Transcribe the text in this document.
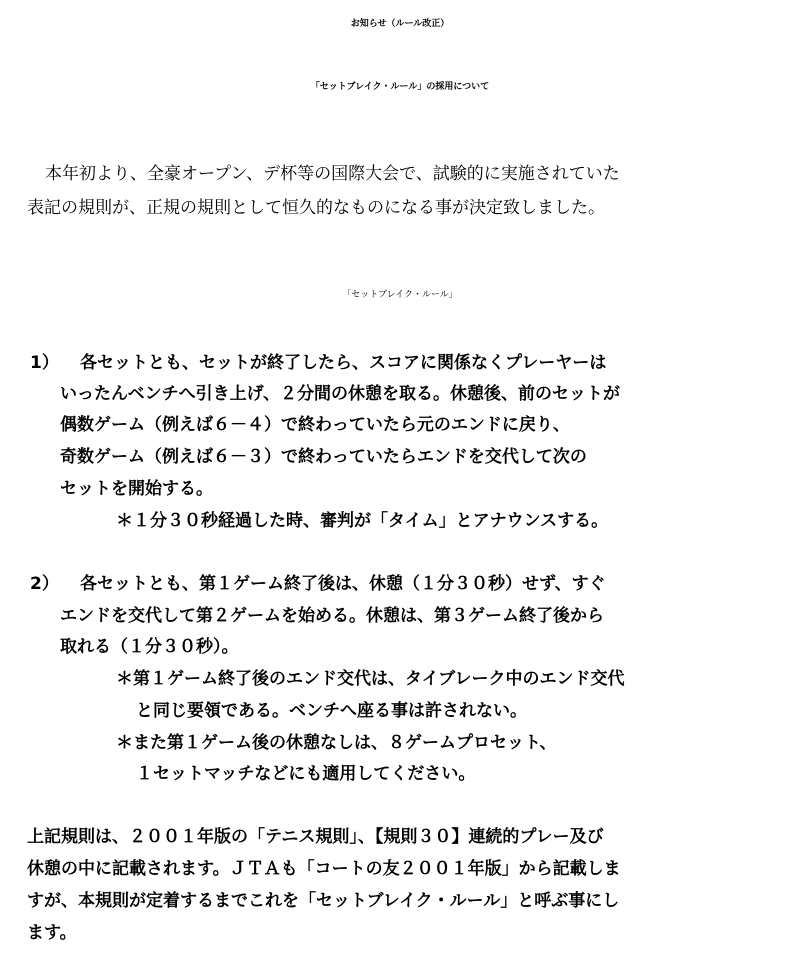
お知らせ（ルール改正）
「セットブレイク・ルール」の採用について

本年初より、全豪オープン、デ杯等の国際大会で、試験的に実施されていた

表記の規則が、正規の規則として恒久的なものになる事が決定致しました。

「セットブレイク・ルール」

1） 各セットとも、セットが終了したら、スコアに関係なくプレーヤーは

いったんベンチへ引き上げ、２分間の休憩を取る。休憩後、前のセットが

偶数ゲーム（例えば６－４）で終わっていたら元のエンドに戻り、

奇数ゲーム（例えば６－３）で終わっていたらエンドを交代して次の

セットを開始する。

＊１分３０秒経過した時、審判が「タイム」とアナウンスする。

2） 各セットとも、第１ゲーム終了後は、休憩（１分３０秒）せず、すぐ

エンドを交代して第２ゲームを始める。休憩は、第３ゲーム終了後から

取れる（１分３０秒）。

＊第１ゲーム終了後のエンド交代は、タイブレーク中のエンド交代

と同じ要領である。ベンチへ座る事は許されない。

＊また第１ゲーム後の休憩なしは、８ゲームプロセット、

１セットマッチなどにも適用してください。

上記規則は、２００１年版の「テニス規則」、【規則３０】連続的プレー及び

休憩の中に記載されます。ＪＴＡも「コートの友２００１年版」から記載しま

すが、本規則が定着するまでこれを「セットブレイク・ルール」と呼ぶ事にし

ます。
